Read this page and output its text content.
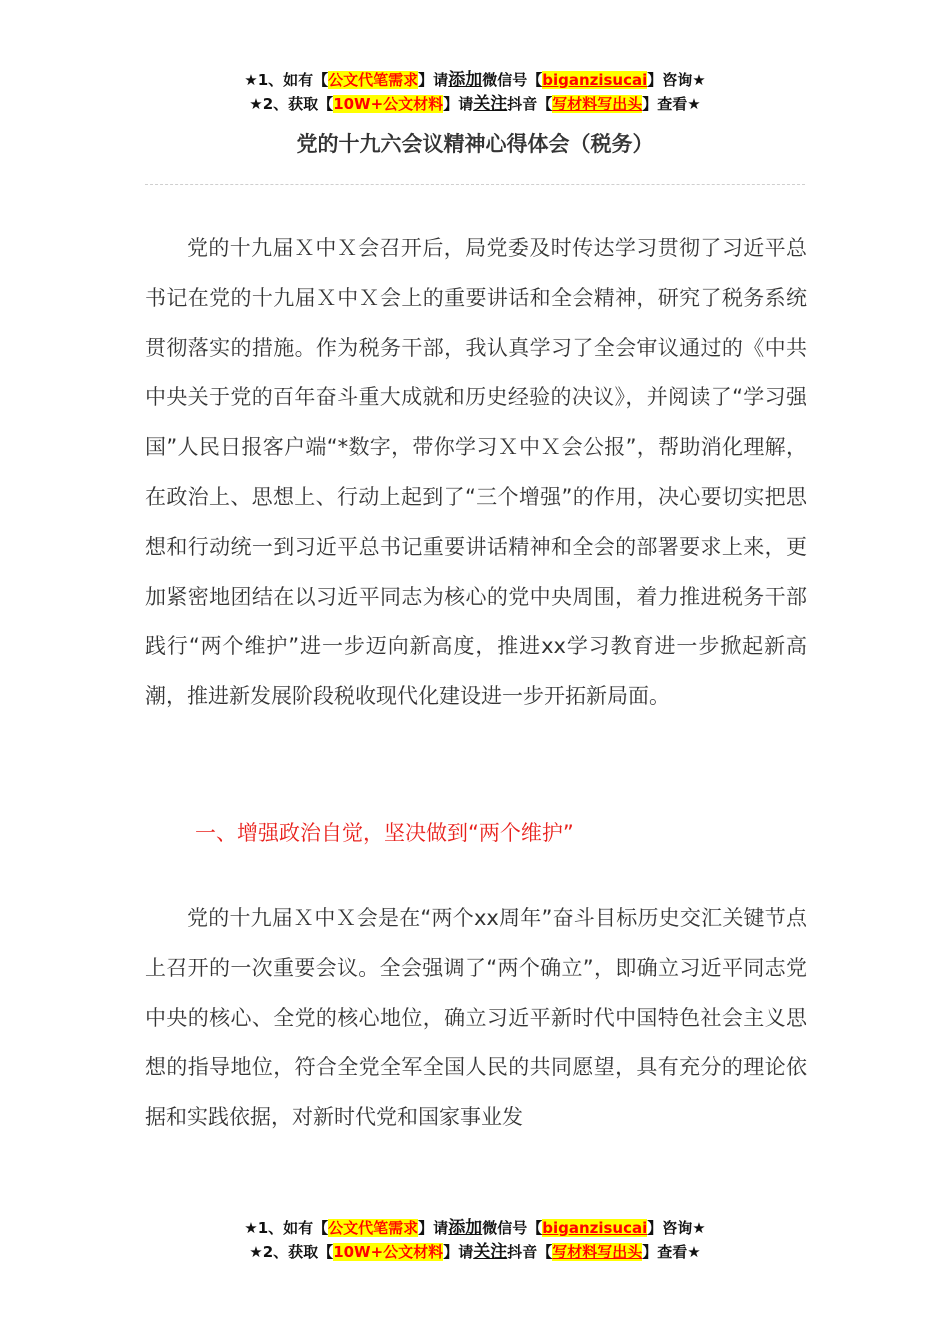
★1、如有【公文代笔需求】请添加微信号【biganzisucai】咨询★
★2、获取【10W+公文材料】请关注抖音【写材料写出头】查看★
党的十九六会议精神心得体会（税务）

党的十九届Ｘ中Ｘ会召开后，局党委及时传达学习贯彻了习近平总书记在党的十九届Ｘ中Ｘ会上的重要讲话和全会精神，研究了税务系统贯彻落实的措施。作为税务干部，我认真学习了全会审议通过的《中共中央关于党的百年奋斗重大成就和历史经验的决议》，并阅读了“学习强国”人民日报客户端“*数字，带你学习Ｘ中Ｘ会公报”，帮助消化理解，在政治上、思想上、行动上起到了“三个增强”的作用，决心要切实把思想和行动统一到习近平总书记重要讲话精神和全会的部署要求上来，更加紧密地团结在以习近平同志为核心的党中央周围，着力推进税务干部践行“两个维护”进一步迈向新高度，推进xx学习教育进一步掀起新高潮，推进新发展阶段税收现代化建设进一步开拓新局面。

一、增强政治自觉，坚决做到“两个维护”

党的十九届Ｘ中Ｘ会是在“两个xx周年”奋斗目标历史交汇关键节点上召开的一次重要会议。全会强调了“两个确立”，即确立习近平同志党中央的核心、全党的核心地位，确立习近平新时代中国特色社会主义思想的指导地位，符合全党全军全国人民的共同愿望，具有充分的理论依据和实践依据，对新时代党和国家事业发

★1、如有【公文代笔需求】请添加微信号【biganzisucai】咨询★
★2、获取【10W+公文材料】请关注抖音【写材料写出头】查看★
